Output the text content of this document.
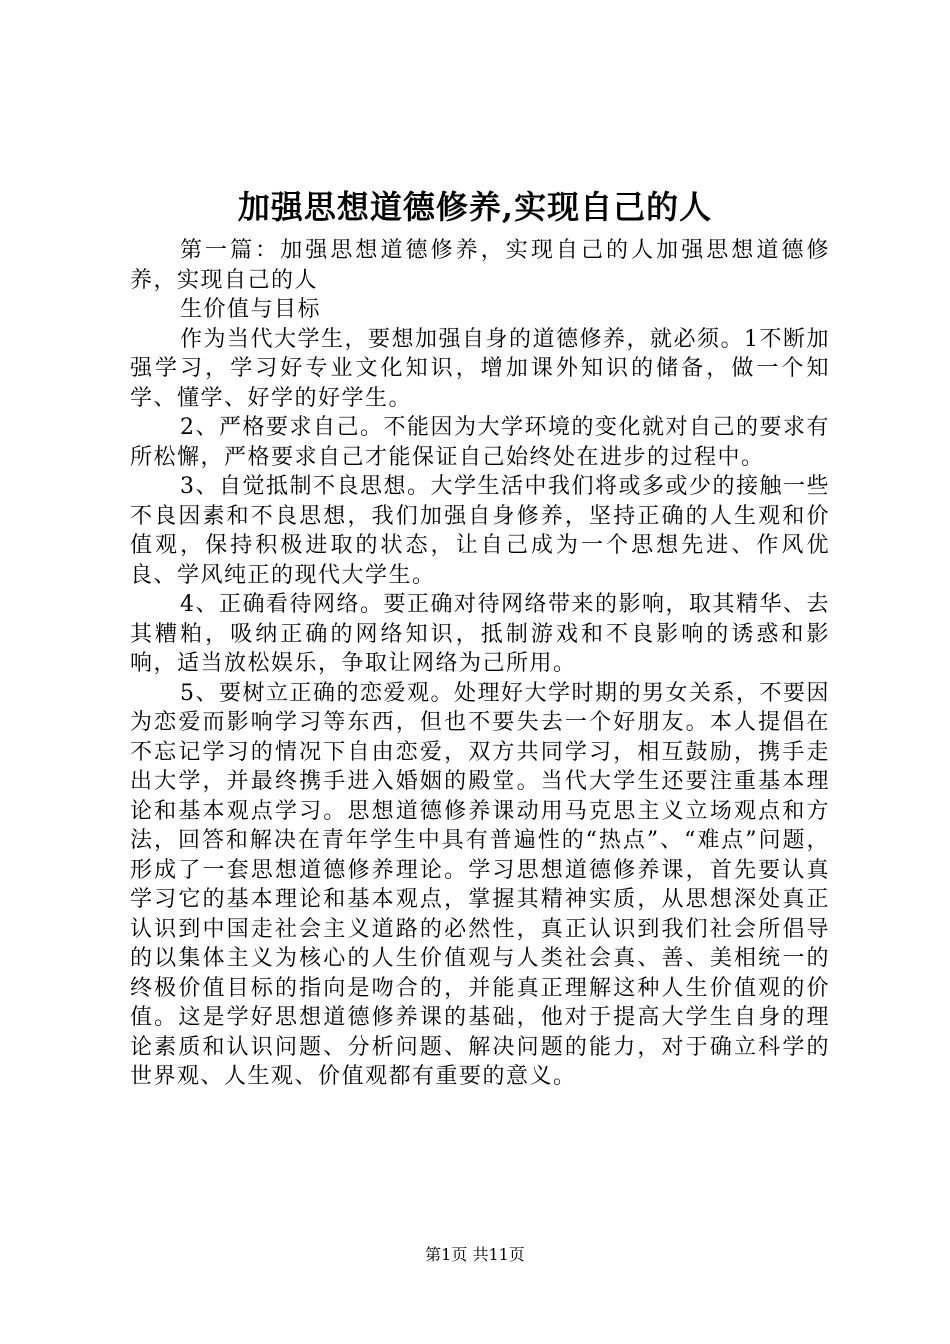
加强思想道德修养,实现自己的人

第一篇：加强思想道德修养，实现自己的人加强思想道德修养，实现自己的人

生价值与目标

作为当代大学生，要想加强自身的道德修养，就必须。1不断加强学习，学习好专业文化知识，增加课外知识的储备，做一个知学、懂学、好学的好学生。

2、严格要求自己。不能因为大学环境的变化就对自己的要求有所松懈，严格要求自己才能保证自己始终处在进步的过程中。

3、自觉抵制不良思想。大学生活中我们将或多或少的接触一些不良因素和不良思想，我们加强自身修养，坚持正确的人生观和价值观，保持积极进取的状态，让自己成为一个思想先进、作风优良、学风纯正的现代大学生。

4、正确看待网络。要正确对待网络带来的影响，取其精华、去其糟粕，吸纳正确的网络知识，抵制游戏和不良影响的诱惑和影响，适当放松娱乐，争取让网络为己所用。

5、要树立正确的恋爱观。处理好大学时期的男女关系，不要因为恋爱而影响学习等东西，但也不要失去一个好朋友。本人提倡在不忘记学习的情况下自由恋爱，双方共同学习，相互鼓励，携手走出大学，并最终携手进入婚姻的殿堂。当代大学生还要注重基本理论和基本观点学习。思想道德修养课动用马克思主义立场观点和方法，回答和解决在青年学生中具有普遍性的“热点”、“难点”问题，形成了一套思想道德修养理论。学习思想道德修养课，首先要认真学习它的基本理论和基本观点，掌握其精神实质，从思想深处真正认识到中国走社会主义道路的必然性，真正认识到我们社会所倡导的以集体主义为核心的人生价值观与人类社会真、善、美相统一的终极价值目标的指向是吻合的，并能真正理解这种人生价值观的价值。这是学好思想道德修养课的基础，他对于提高大学生自身的理论素质和认识问题、分析问题、解决问题的能力，对于确立科学的世界观、人生观、价值观都有重要的意义。

第1页 共11页
